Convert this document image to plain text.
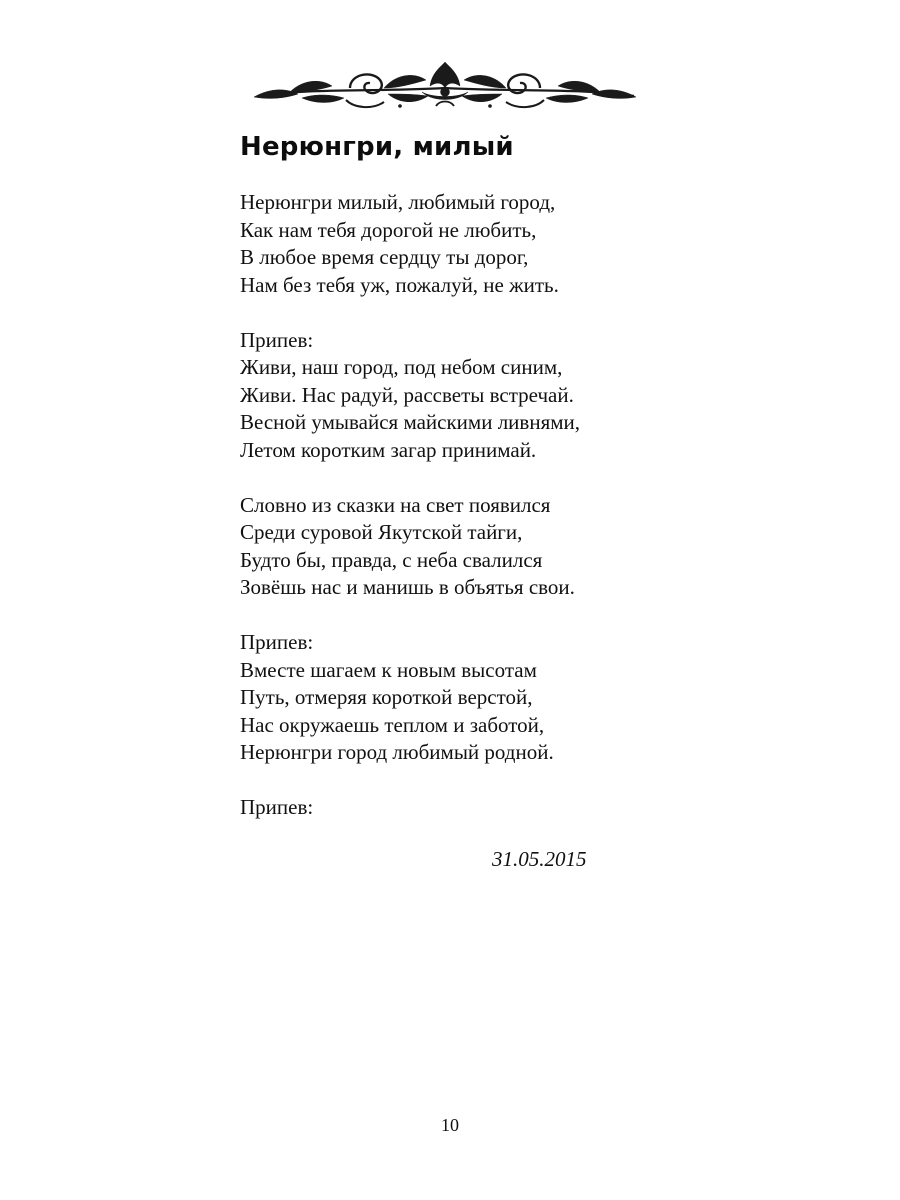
Нерюнгри, милый

Нерюнгри милый, любимый город,
Как нам тебя дорогой не любить,
В любое время сердцу ты дорог,
Нам без тебя уж, пожалуй, не жить.

Припев:
Живи, наш город, под небом синим,
Живи. Нас радуй, рассветы встречай.
Весной умывайся майскими ливнями,
Летом коротким загар принимай.

Словно из сказки на свет появился
Среди суровой Якутской тайги,
Будто бы, правда, с неба свалился
Зовёшь нас и манишь в объятья свои.

Припев:
Вместе шагаем к новым высотам
Путь, отмеряя короткой верстой,
Нас окружаешь теплом и заботой,
Нерюнгри город любимый родной.

Припев:

31.05.2015
10
